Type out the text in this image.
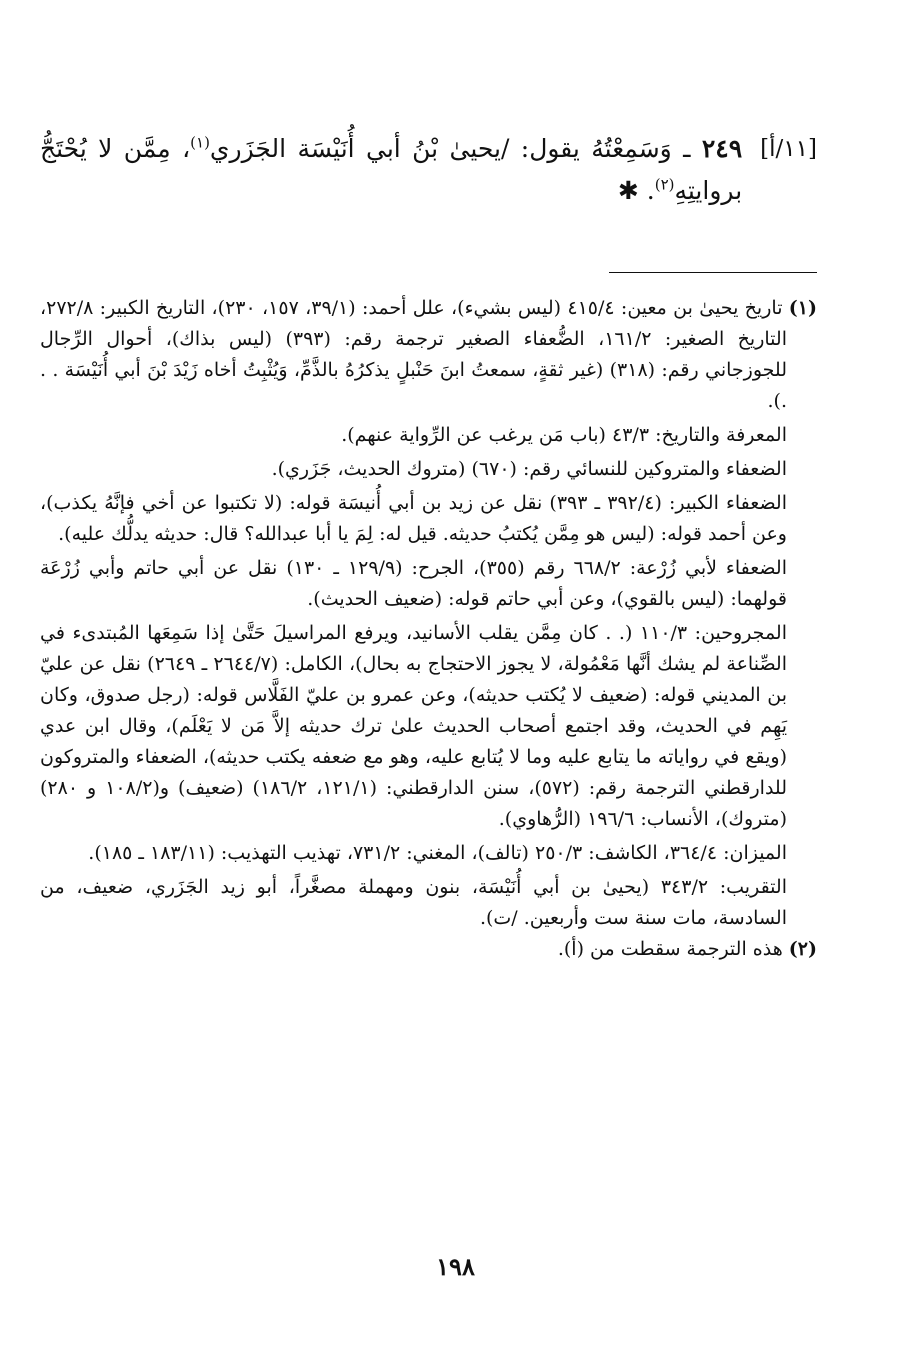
[١١/أ]
٢٤٩ ـ وَسَمِعْتُهُ يقول: /يحيىٰ بْنُ أبي أُنَيْسَة الجَزَري$^{(١)}$، مِمَّن لا يُحْتَجُّ بروايتِهِ$^{(٢)}$. ✱

(١) تاريخ يحيىٰ بن معين: ٤١٥/٤ (ليس بشيء)، علل أحمد: (٣٩/١، ١٥٧، ٢٣٠)، التاريخ الكبير: ٢٧٢/٨، التاريخ الصغير: ١٦١/٢، الضُّعفاء الصغير ترجمة رقم: (٣٩٣) (ليس بذاك)، أحوال الرِّجال للجوزجاني رقم: (٣١٨) (غير ثقةٍ، سمعتُ ابنَ حَنْبلٍ يذكرُهُ بالذَّمِّ، وَيُثْبِتُ أخاه زَيْدَ بْنَ أبي أُنَيْسَة . . .).

المعرفة والتاريخ: ٤٣/٣ (باب مَن يرغب عن الرِّواية عنهم).

الضعفاء والمتروكين للنسائي رقم: (٦٧٠) (متروك الحديث، جَزَري).

الضعفاء الكبير: (٣٩٢/٤ ـ ٣٩٣) نقل عن زيد بن أبي أُنيسَة قوله: (لا تكتبوا عن أخي فإنَّهُ يكذب)، وعن أحمد قوله: (ليس هو مِمَّن يُكتبُ حديثه. قيل له: لِمَ يا أبا عبدالله؟ قال: حديثه يدلُّك عليه).

الضعفاء لأبي زُرْعة: ٦٦٨/٢ رقم (٣٥٥)، الجرح: (١٢٩/٩ ـ ١٣٠) نقل عن أبي حاتم وأبي زُرْعَة قولهما: (ليس بالقوي)، وعن أبي حاتم قوله: (ضعيف الحديث).

المجروحين: ١١٠/٣ (. . كان مِمَّن يقلب الأسانيد، ويرفع المراسيلَ حَتَّىٰ إذا سَمِعَها المُبتدىء في الصِّناعة لم يشك أنَّها مَعْمُولة، لا يجوز الاحتجاج به بحال)، الكامل: (٢٦٤٤/٧ ـ ٢٦٤٩) نقل عن عليّ بن المديني قوله: (ضعيف لا يُكتب حديثه)، وعن عمرو بن عليّ الفَلَّاس قوله: (رجل صدوق، وكان يَهِم في الحديث، وقد اجتمع أصحاب الحديث علىٰ ترك حديثه إلاَّ مَن لا يَعْلَم)، وقال ابن عدي (ويقع في رواياته ما يتابع عليه وما لا يُتابع عليه، وهو مع ضعفه يكتب حديثه)، الضعفاء والمتروكون للدارقطني الترجمة رقم: (٥٧٢)، سنن الدارقطني: (١٢١/١، ١٨٦/٢) (ضعيف) و(١٠٨/٢ و ٢٨٠) (متروك)، الأنساب: ١٩٦/٦ (الرُّهاوي).

الميزان: ٣٦٤/٤، الكاشف: ٢٥٠/٣ (تالف)، المغني: ٧٣١/٢، تهذيب التهذيب: (١٨٣/١١ ـ ١٨٥).

التقريب: ٣٤٣/٢ (يحيىٰ بن أبي أُنَيْسَة، بنون ومهملة مصغَّراً، أبو زيد الجَزَري، ضعيف، من السادسة، مات سنة ست وأربعين. /ت).

(٢) هذه الترجمة سقطت من (أ).

١٩٨
